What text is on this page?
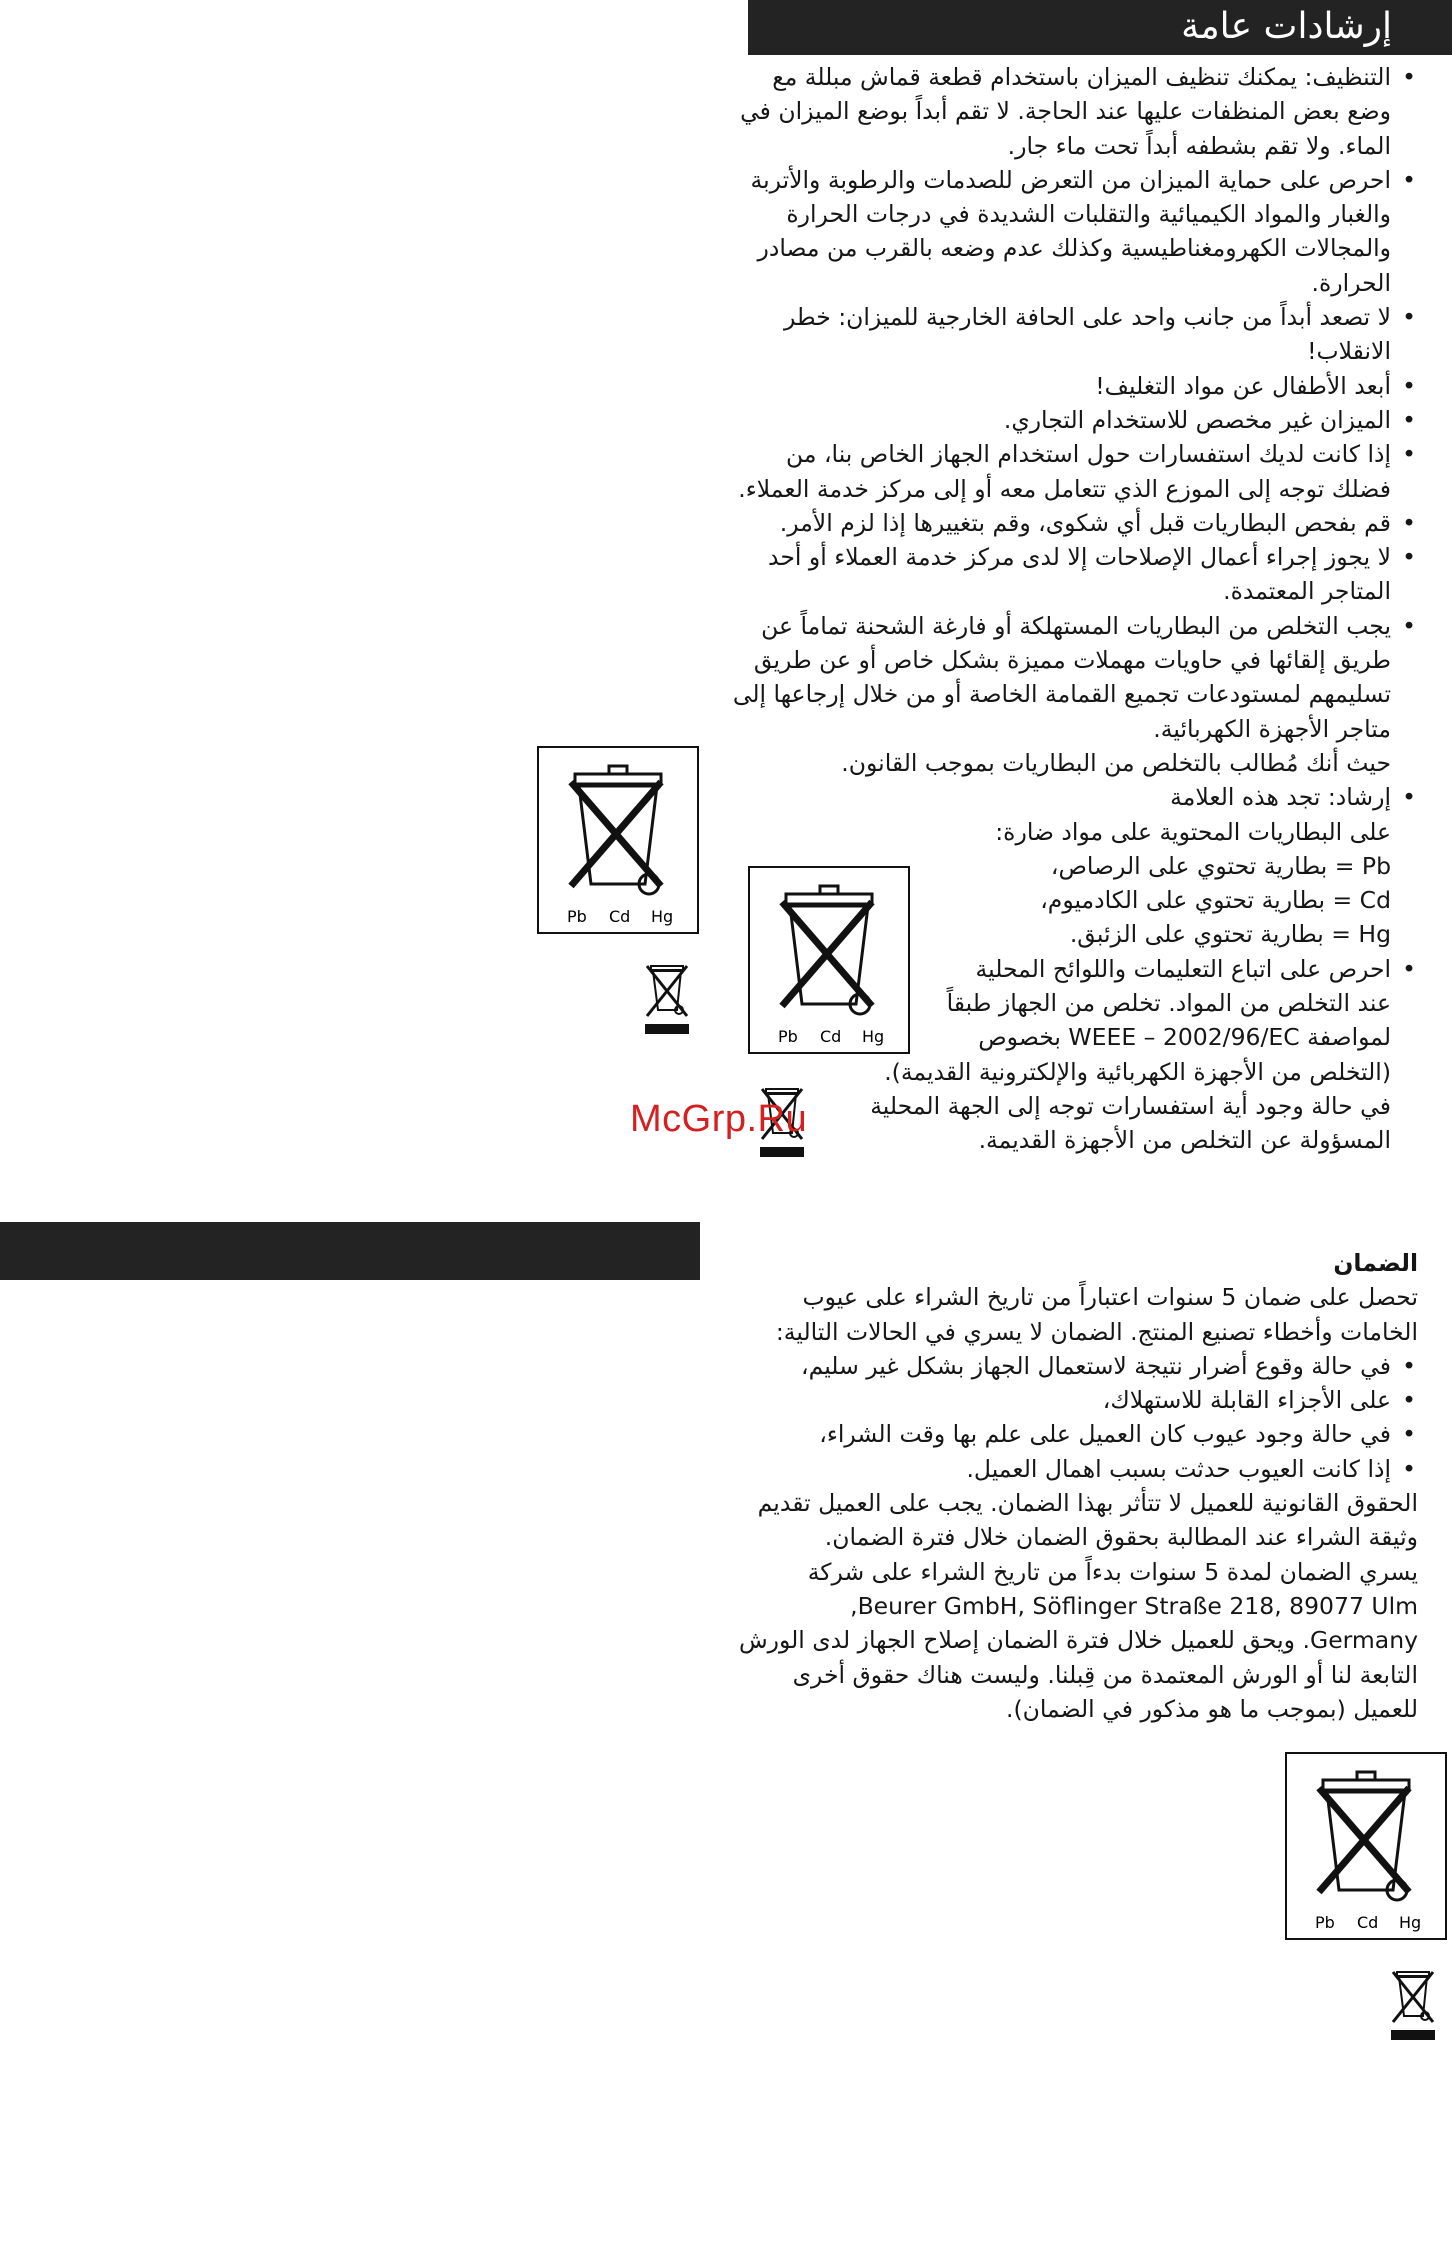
إرشادات عامة
•
التنظيف: يمكنك تنظيف الميزان باستخدام قطعة قماش مبللة مع وضع بعض المنظفات عليها عند الحاجة. لا تقم أبداً بوضع الميزان في الماء. ولا تقم بشطفه أبداً تحت ماء جار.
•
احرص على حماية الميزان من التعرض للصدمات والرطوبة والأتربة والغبار والمواد الكيميائية والتقلبات الشديدة في درجات الحرارة والمجالات الكهرومغناطيسية وكذلك عدم وضعه بالقرب من مصادر الحرارة.
•
لا تصعد أبداً من جانب واحد على الحافة الخارجية للميزان: خطر الانقلاب!
•
أبعد الأطفال عن مواد التغليف!
•
الميزان غير مخصص للاستخدام التجاري.
•
إذا كانت لديك استفسارات حول استخدام الجهاز الخاص بنا، من فضلك توجه إلى الموزع الذي تتعامل معه أو إلى مركز خدمة العملاء.
•
قم بفحص البطاريات قبل أي شكوى، وقم بتغييرها إذا لزم الأمر.
•
لا يجوز إجراء أعمال الإصلاحات إلا لدى مركز خدمة العملاء أو أحد المتاجر المعتمدة.
•
يجب التخلص من البطاريات المستهلكة أو فارغة الشحنة تماماً عن طريق إلقائها في حاويات مهملات مميزة بشكل خاص أو عن طريق تسليمهم لمستودعات تجميع القمامة الخاصة أو من خلال إرجاعها إلى متاجر الأجهزة الكهربائية.
حيث أنك مُطالب بالتخلص من البطاريات بموجب القانون.
•
إرشاد: تجد هذه العلامة
على البطاريات المحتوية على مواد ضارة:
Pb = بطارية تحتوي على الرصاص،
Cd = بطارية تحتوي على الكادميوم،
Hg = بطارية تحتوي على الزئبق.
•
احرص على اتباع التعليمات واللوائح المحلية
عند التخلص من المواد. تخلص من الجهاز طبقاً
لمواصفة WEEE – 2002/96/EC بخصوص
(التخلص من الأجهزة الكهربائية والإلكترونية القديمة).
في حالة وجود أية استفسارات توجه إلى الجهة المحلية
المسؤولة عن التخلص من الأجهزة القديمة.

الضمان

تحصل على ضمان 5 سنوات اعتباراً من تاريخ الشراء على عيوب الخامات وأخطاء تصنيع المنتج. الضمان لا يسري في الحالات التالية:

•
في حالة وقوع أضرار نتيجة لاستعمال الجهاز بشكل غير سليم،
•
على الأجزاء القابلة للاستهلاك،
•
في حالة وجود عيوب كان العميل على علم بها وقت الشراء،
•
إذا كانت العيوب حدثت بسبب اهمال العميل.

الحقوق القانونية للعميل لا تتأثر بهذا الضمان. يجب على العميل تقديم وثيقة الشراء عند المطالبة بحقوق الضمان خلال فترة الضمان.

يسري الضمان لمدة 5 سنوات بدءاً من تاريخ الشراء على شركة
Beurer GmbH, Söflinger Straße 218, 89077 Ulm,
Germany. ويحق للعميل خلال فترة الضمان إصلاح الجهاز لدى الورش التابعة لنا أو الورش المعتمدة من قِبلنا. وليست هناك حقوق أخرى للعميل (بموجب ما هو مذكور في الضمان).
Pb Cd Hg
Pb Cd Hg
Pb Cd Hg
McGrp.Ru
